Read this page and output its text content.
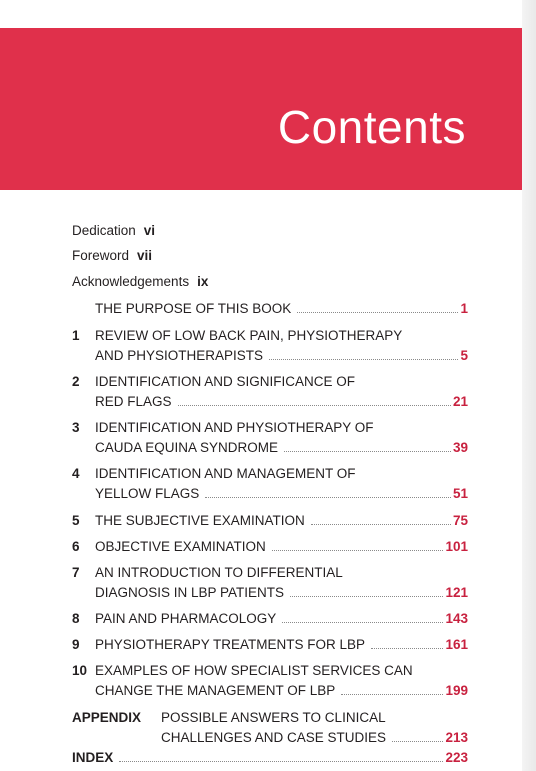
Contents
Dedication vi
Foreword vii
Acknowledgements ix
THE PURPOSE OF THIS BOOK	1
1 REVIEW OF LOW BACK PAIN, PHYSIOTHERAPY
AND PHYSIOTHERAPISTS	5
2 IDENTIFICATION AND SIGNIFICANCE OF
RED FLAGS	21
3 IDENTIFICATION AND PHYSIOTHERAPY OF
CAUDA EQUINA SYNDROME	39
4 IDENTIFICATION AND MANAGEMENT OF
YELLOW FLAGS	51
5 THE SUBJECTIVE EXAMINATION	75
6 OBJECTIVE EXAMINATION	101
7 AN INTRODUCTION TO DIFFERENTIAL
DIAGNOSIS IN LBP PATIENTS	121
8 PAIN AND PHARMACOLOGY	143
9 PHYSIOTHERAPY TREATMENTS FOR LBP	161
10 EXAMPLES OF HOW SPECIALIST SERVICES CAN
CHANGE THE MANAGEMENT OF LBP	199
APPENDIX POSSIBLE ANSWERS TO CLINICAL
CHALLENGES AND CASE STUDIES	213
INDEX	223
